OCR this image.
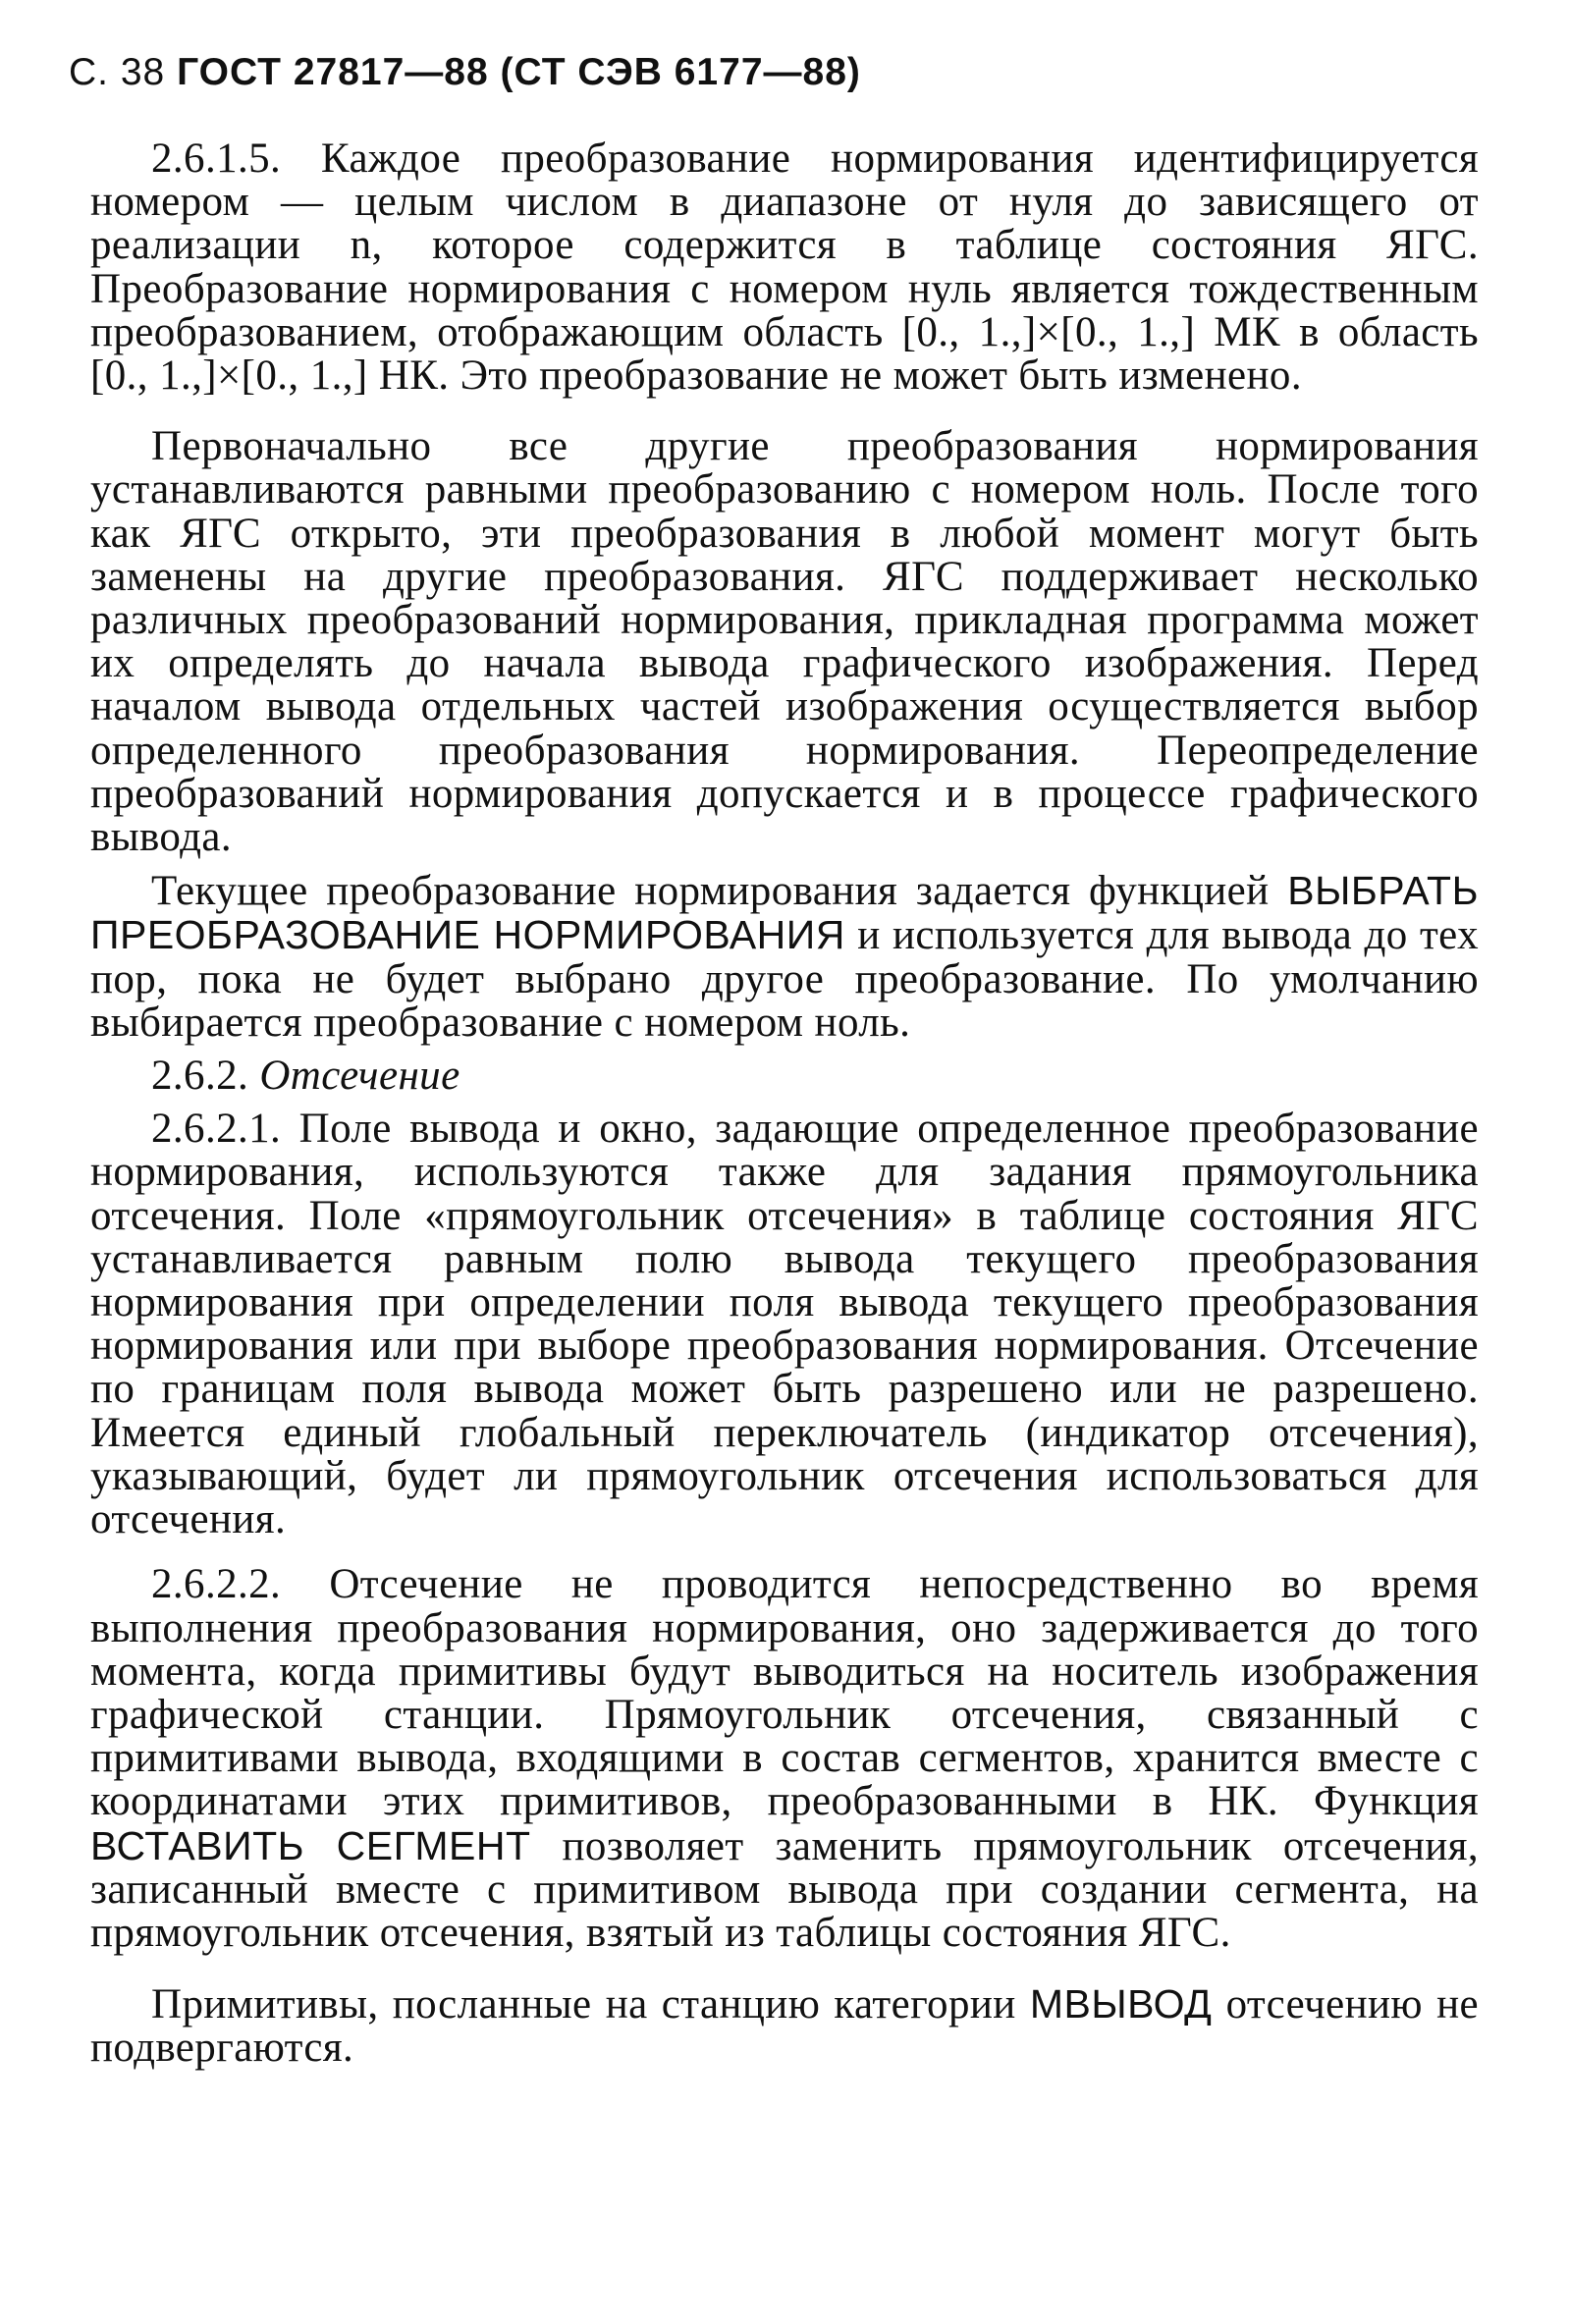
С. 38 ГОСТ 27817—88 (СТ СЭВ 6177—88)

2.6.1.5. Каждое преобразование нормирования идентифицируется номером — целым числом в диапазоне от нуля до зависящего от реализации n, которое содержится в таблице состояния ЯГС. Преобразование нормирования с номером нуль является тождественным преобразованием, отображающим область [0., 1.,]×[0., 1.,] МК в область [0., 1.,]×[0., 1.,] НК. Это преобразование не может быть изменено.

Первоначально все другие преобразования нормирования устанавливаются равными преобразованию с номером ноль. После того как ЯГС открыто, эти преобразования в любой момент могут быть заменены на другие преобразования. ЯГС поддерживает несколько различных преобразований нормирования, прикладная программа может их определять до начала вывода графического изображения. Перед началом вывода отдельных частей изображения осуществляется выбор определенного преобразования нормирования. Переопределение преобразований нормирования допускается и в процессе графического вывода.

Текущее преобразование нормирования задается функцией ВЫБРАТЬ ПРЕОБРАЗОВАНИЕ НОРМИРОВАНИЯ и используется для вывода до тех пор, пока не будет выбрано другое преобразование. По умолчанию выбирается преобразование с номером ноль.

2.6.2. Отсечение

2.6.2.1. Поле вывода и окно, задающие определенное преобразование нормирования, используются также для задания прямоугольника отсечения. Поле «прямоугольник отсечения» в таблице состояния ЯГС устанавливается равным полю вывода текущего преобразования нормирования при определении поля вывода текущего преобразования нормирования или при выборе преобразования нормирования. Отсечение по границам поля вывода может быть разрешено или не разрешено. Имеется единый глобальный переключатель (индикатор отсечения), указывающий, будет ли прямоугольник отсечения использоваться для отсечения.

2.6.2.2. Отсечение не проводится непосредственно во время выполнения преобразования нормирования, оно задерживается до того момента, когда примитивы будут выводиться на носитель изображения графической станции. Прямоугольник отсечения, связанный с примитивами вывода, входящими в состав сегментов, хранится вместе с координатами этих примитивов, преобразованными в НК. Функция ВСТАВИТЬ СЕГМЕНТ позволяет заменить прямоугольник отсечения, записанный вместе с примитивом вывода при создании сегмента, на прямоугольник отсечения, взятый из таблицы состояния ЯГС.

Примитивы, посланные на станцию категории МВЫВОД отсечению не подвергаются.
